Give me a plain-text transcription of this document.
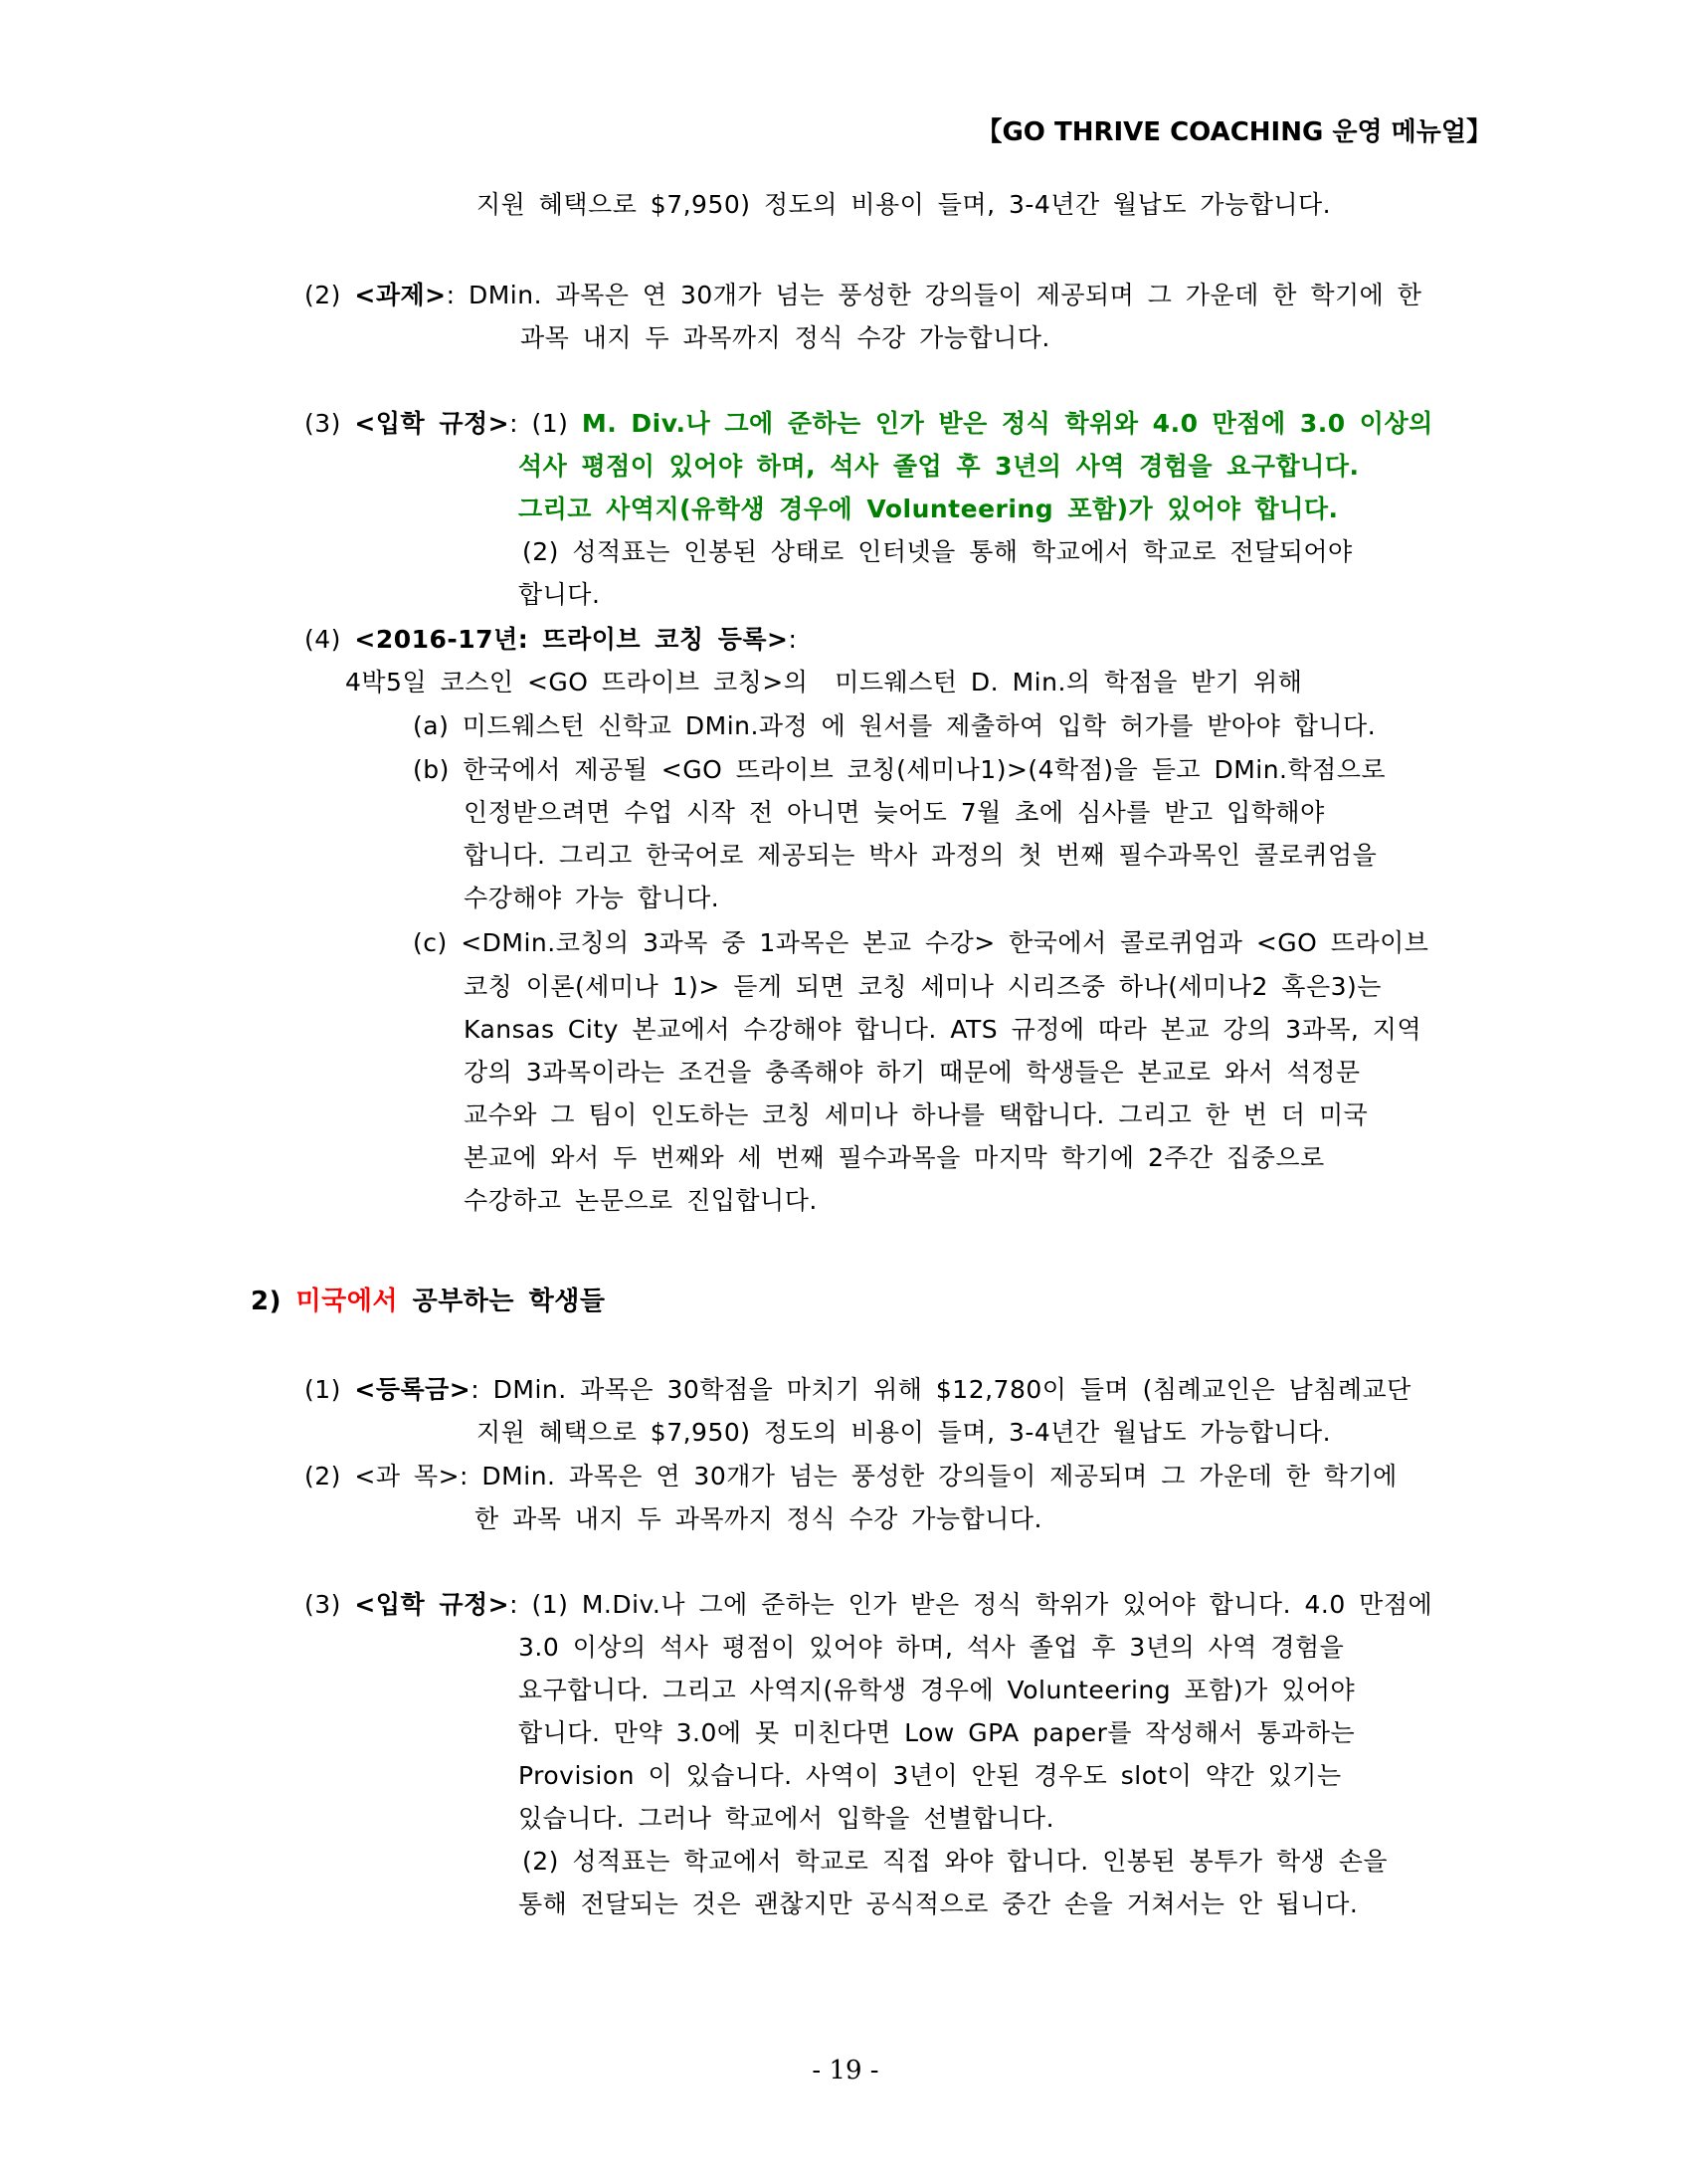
【GO THRIVE COACHING 운영 메뉴얼】
지원 혜택으로 $7,950) 정도의 비용이 들며, 3-4년간 월납도 가능합니다.
(2) <과제>: DMin. 과목은 연 30개가 넘는 풍성한 강의들이 제공되며 그 가운데 한 학기에 한
과목 내지 두 과목까지 정식 수강 가능합니다.
(3) <입학 규정>: (1) M. Div.나 그에 준하는 인가 받은 정식 학위와 4.0 만점에 3.0 이상의
석사 평점이 있어야 하며, 석사 졸업 후 3년의 사역 경험을 요구합니다.
그리고 사역지(유학생 경우에 Volunteering 포함)가 있어야 합니다.
(2) 성적표는 인봉된 상태로 인터넷을 통해 학교에서 학교로 전달되어야
합니다.
(4) <2016-17년: 뜨라이브 코칭 등록>:
4박5일 코스인 <GO 뜨라이브 코칭>의  미드웨스턴 D. Min.의 학점을 받기 위해
(a) 미드웨스턴 신학교 DMin.과정 에 원서를 제출하여 입학 허가를 받아야 합니다.
(b) 한국에서 제공될 <GO 뜨라이브 코칭(세미나1)>(4학점)을 듣고 DMin.학점으로
인정받으려면 수업 시작 전 아니면 늦어도 7월 초에 심사를 받고 입학해야
합니다. 그리고 한국어로 제공되는 박사 과정의 첫 번째 필수과목인 콜로퀴엄을
수강해야 가능 합니다.
(c) <DMin.코칭의 3과목 중 1과목은 본교 수강> 한국에서 콜로퀴엄과 <GO 뜨라이브
코칭 이론(세미나 1)> 듣게 되면 코칭 세미나 시리즈중 하나(세미나2 혹은3)는
Kansas City 본교에서 수강해야 합니다. ATS 규정에 따라 본교 강의 3과목, 지역
강의 3과목이라는 조건을 충족해야 하기 때문에 학생들은 본교로 와서 석정문
교수와 그 팀이 인도하는 코칭 세미나 하나를 택합니다. 그리고 한 번 더 미국
본교에 와서 두 번째와 세 번째 필수과목을 마지막 학기에 2주간 집중으로
수강하고 논문으로 진입합니다.
2) 미국에서 공부하는 학생들
(1) <등록금>: DMin. 과목은 30학점을 마치기 위해 $12,780이 들며 (침례교인은 남침례교단
지원 혜택으로 $7,950) 정도의 비용이 들며, 3-4년간 월납도 가능합니다.
(2) <과 목>: DMin. 과목은 연 30개가 넘는 풍성한 강의들이 제공되며 그 가운데 한 학기에
한 과목 내지 두 과목까지 정식 수강 가능합니다.
(3) <입학 규정>: (1) M.Div.나 그에 준하는 인가 받은 정식 학위가 있어야 합니다. 4.0 만점에
3.0 이상의 석사 평점이 있어야 하며, 석사 졸업 후 3년의 사역 경험을
요구합니다. 그리고 사역지(유학생 경우에 Volunteering 포함)가 있어야
합니다. 만약 3.0에 못 미친다면 Low GPA paper를 작성해서 통과하는
Provision 이 있습니다. 사역이 3년이 안된 경우도 slot이 약간 있기는
있습니다. 그러나 학교에서 입학을 선별합니다.
(2) 성적표는 학교에서 학교로 직접 와야 합니다. 인봉된 봉투가 학생 손을
통해 전달되는 것은 괜찮지만 공식적으로 중간 손을 거쳐서는 안 됩니다.
- 19 -
